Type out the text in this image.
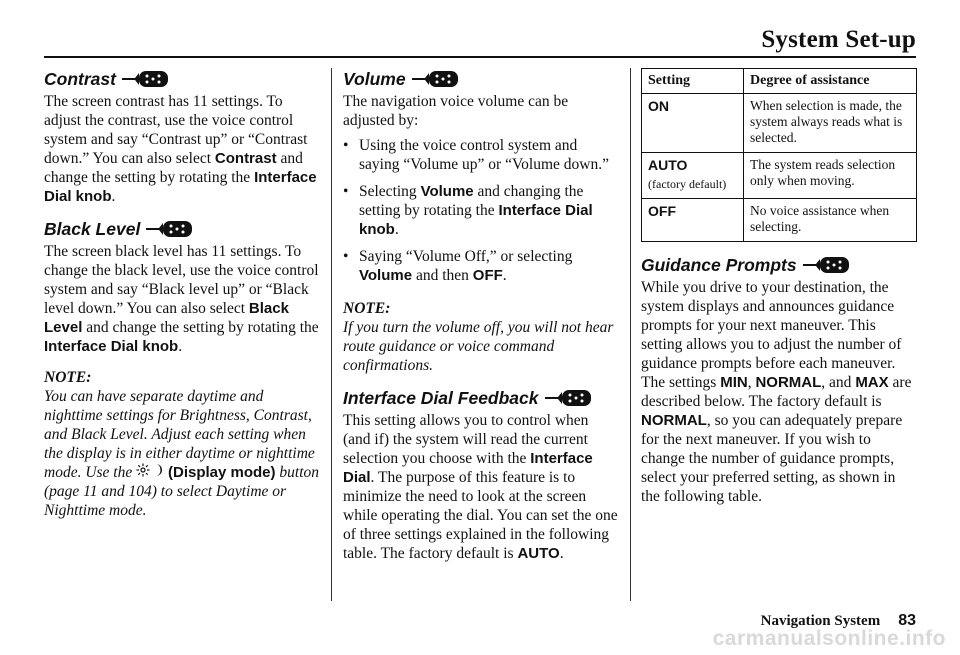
System Set-up
Contrast

The screen contrast has 11 settings. To adjust the contrast, use the voice control system and say “Contrast up” or “Contrast down.” You can also select Contrast and change the setting by rotating the Interface Dial knob.

Black Level

The screen black level has 11 settings. To change the black level, use the voice control system and say “Black level up” or “Black level down.” You can also select Black Level and change the setting by rotating the Interface Dial knob.

NOTE:

You can have separate daytime and nighttime settings for Brightness, Contrast, and Black Level. Adjust each setting when the display is in either daytime or nighttime mode. Use the
(Display mode) button (page 11 and 104) to select Daytime or Nighttime mode.

Volume

The navigation voice volume can be adjusted by:

• Using the voice control system and saying “Volume up” or “Volume down.”
• Selecting Volume and changing the setting by rotating the Interface Dial knob.
• Saying “Volume Off,” or selecting Volume and then OFF.

NOTE:

If you turn the volume off, you will not hear route guidance or voice command confirmations.

Interface Dial Feedback

This setting allows you to control when (and if) the system will read the current selection you choose with the Interface Dial. The purpose of this feature is to minimize the need to look at the screen while operating the dial. You can set the one of three settings explained in the following table. The factory default is AUTO.

Setting	Degree of assistance
ON	When selection is made, the system always reads what is selected.
AUTO
(factory default)	The system reads selection only when moving.
OFF	No voice assistance when selecting.
Guidance Prompts

While you drive to your destination, the system displays and announces guidance prompts for your next maneuver. This setting allows you to adjust the number of guidance prompts before each maneuver. The settings MIN, NORMAL, and MAX are described below. The factory default is NORMAL, so you can adequately prepare for the next maneuver. If you wish to change the number of guidance prompts, select your preferred setting, as shown in the following table.

Navigation System 83
carmanualsonline.info
